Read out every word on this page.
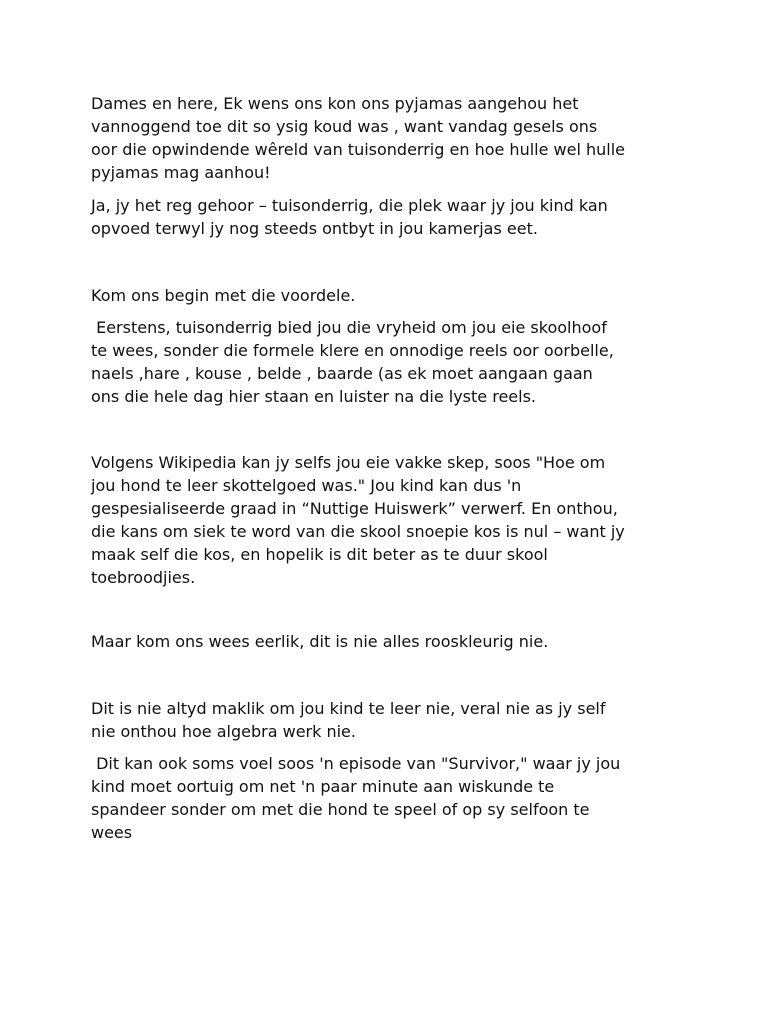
Dames en here, Ek wens ons kon ons pyjamas aangehou het
vannoggend toe dit so ysig koud was , want vandag gesels ons
oor die opwindende wêreld van tuisonderrig en hoe hulle wel hulle
pyjamas mag aanhou!

Ja, jy het reg gehoor – tuisonderrig, die plek waar jy jou kind kan
opvoed terwyl jy nog steeds ontbyt in jou kamerjas eet.

Kom ons begin met die voordele.

Eerstens, tuisonderrig bied jou die vryheid om jou eie skoolhoof
te wees, sonder die formele klere en onnodige reels oor oorbelle,
naels ,hare , kouse , belde , baarde (as ek moet aangaan gaan
ons die hele dag hier staan en luister na die lyste reels.

Volgens Wikipedia kan jy selfs jou eie vakke skep, soos "Hoe om
jou hond te leer skottelgoed was." Jou kind kan dus 'n
gespesialiseerde graad in “Nuttige Huiswerk” verwerf. En onthou,
die kans om siek te word van die skool snoepie kos is nul – want jy
maak self die kos, en hopelik is dit beter as te duur skool
toebroodjies.

Maar kom ons wees eerlik, dit is nie alles rooskleurig nie.

Dit is nie altyd maklik om jou kind te leer nie, veral nie as jy self
nie onthou hoe algebra werk nie.

Dit kan ook soms voel soos 'n episode van "Survivor," waar jy jou
kind moet oortuig om net 'n paar minute aan wiskunde te
spandeer sonder om met die hond te speel of op sy selfoon te
wees
